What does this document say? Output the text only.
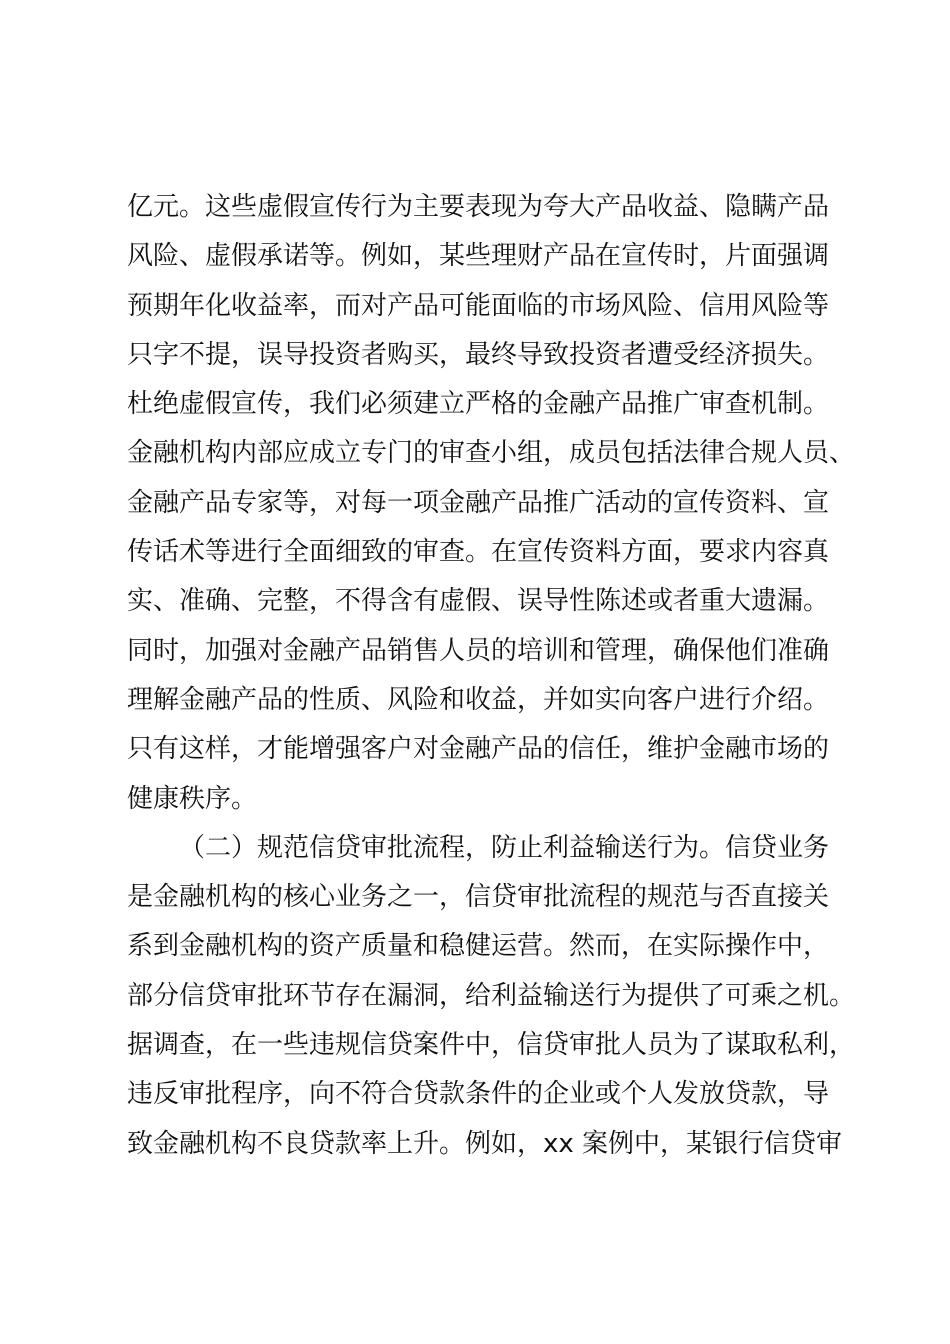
亿元。这些虚假宣传行为主要表现为夸大产品收益、隐瞒产品
风险、虚假承诺等。例如，某些理财产品在宣传时，片面强调
预期年化收益率，而对产品可能面临的市场风险、信用风险等
只字不提，误导投资者购买，最终导致投资者遭受经济损失。
杜绝虚假宣传，我们必须建立严格的金融产品推广审查机制。
金融机构内部应成立专门的审查小组，成员包括法律合规人员、
金融产品专家等，对每一项金融产品推广活动的宣传资料、宣
传话术等进行全面细致的审查。在宣传资料方面，要求内容真
实、准确、完整，不得含有虚假、误导性陈述或者重大遗漏。
同时，加强对金融产品销售人员的培训和管理，确保他们准确
理解金融产品的性质、风险和收益，并如实向客户进行介绍。
只有这样，才能增强客户对金融产品的信任，维护金融市场的
健康秩序。
（二）规范信贷审批流程，防止利益输送行为。信贷业务
是金融机构的核心业务之一，信贷审批流程的规范与否直接关
系到金融机构的资产质量和稳健运营。然而，在实际操作中，
部分信贷审批环节存在漏洞，给利益输送行为提供了可乘之机。
据调查，在一些违规信贷案件中，信贷审批人员为了谋取私利，
违反审批程序，向不符合贷款条件的企业或个人发放贷款，导
致金融机构不良贷款率上升。例如，xx 案例中，某银行信贷审
